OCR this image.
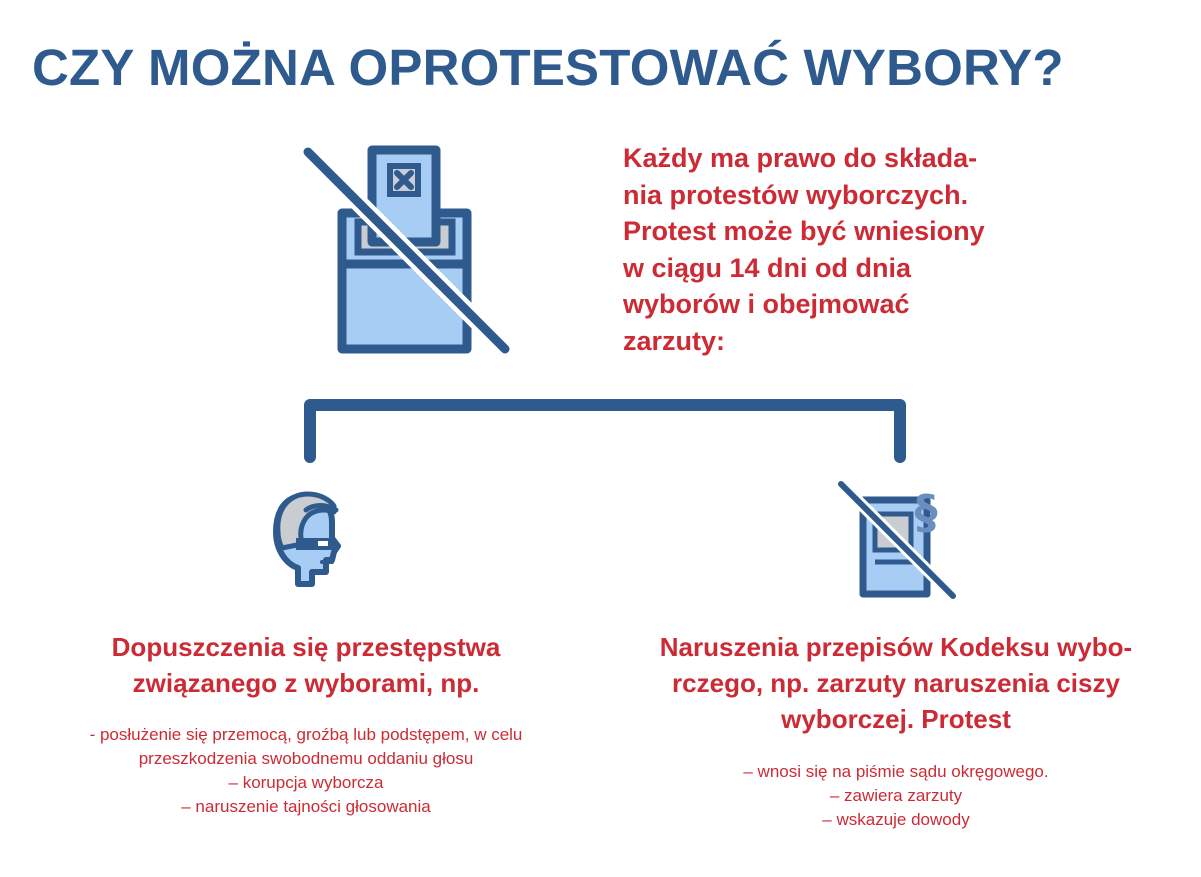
CZY MOŻNA OPROTESTOWAĆ WYBORY?
Każdy ma prawo do składa-
nia protestów wyborczych.
Protest może być wniesiony
w ciągu 14 dni od dnia
wyborów i obejmować
zarzuty:
§
Dopuszczenia się przestępstwa
związanego z wyborami, np.
- posłużenie się przemocą, groźbą lub podstępem, w celu
przeszkodzenia swobodnemu oddaniu głosu
– korupcja wyborcza
– naruszenie tajności głosowania
Naruszenia przepisów Kodeksu wybo-
rczego, np. zarzuty naruszenia ciszy
wyborczej. Protest
– wnosi się na piśmie sądu okręgowego.
– zawiera zarzuty
– wskazuje dowody
